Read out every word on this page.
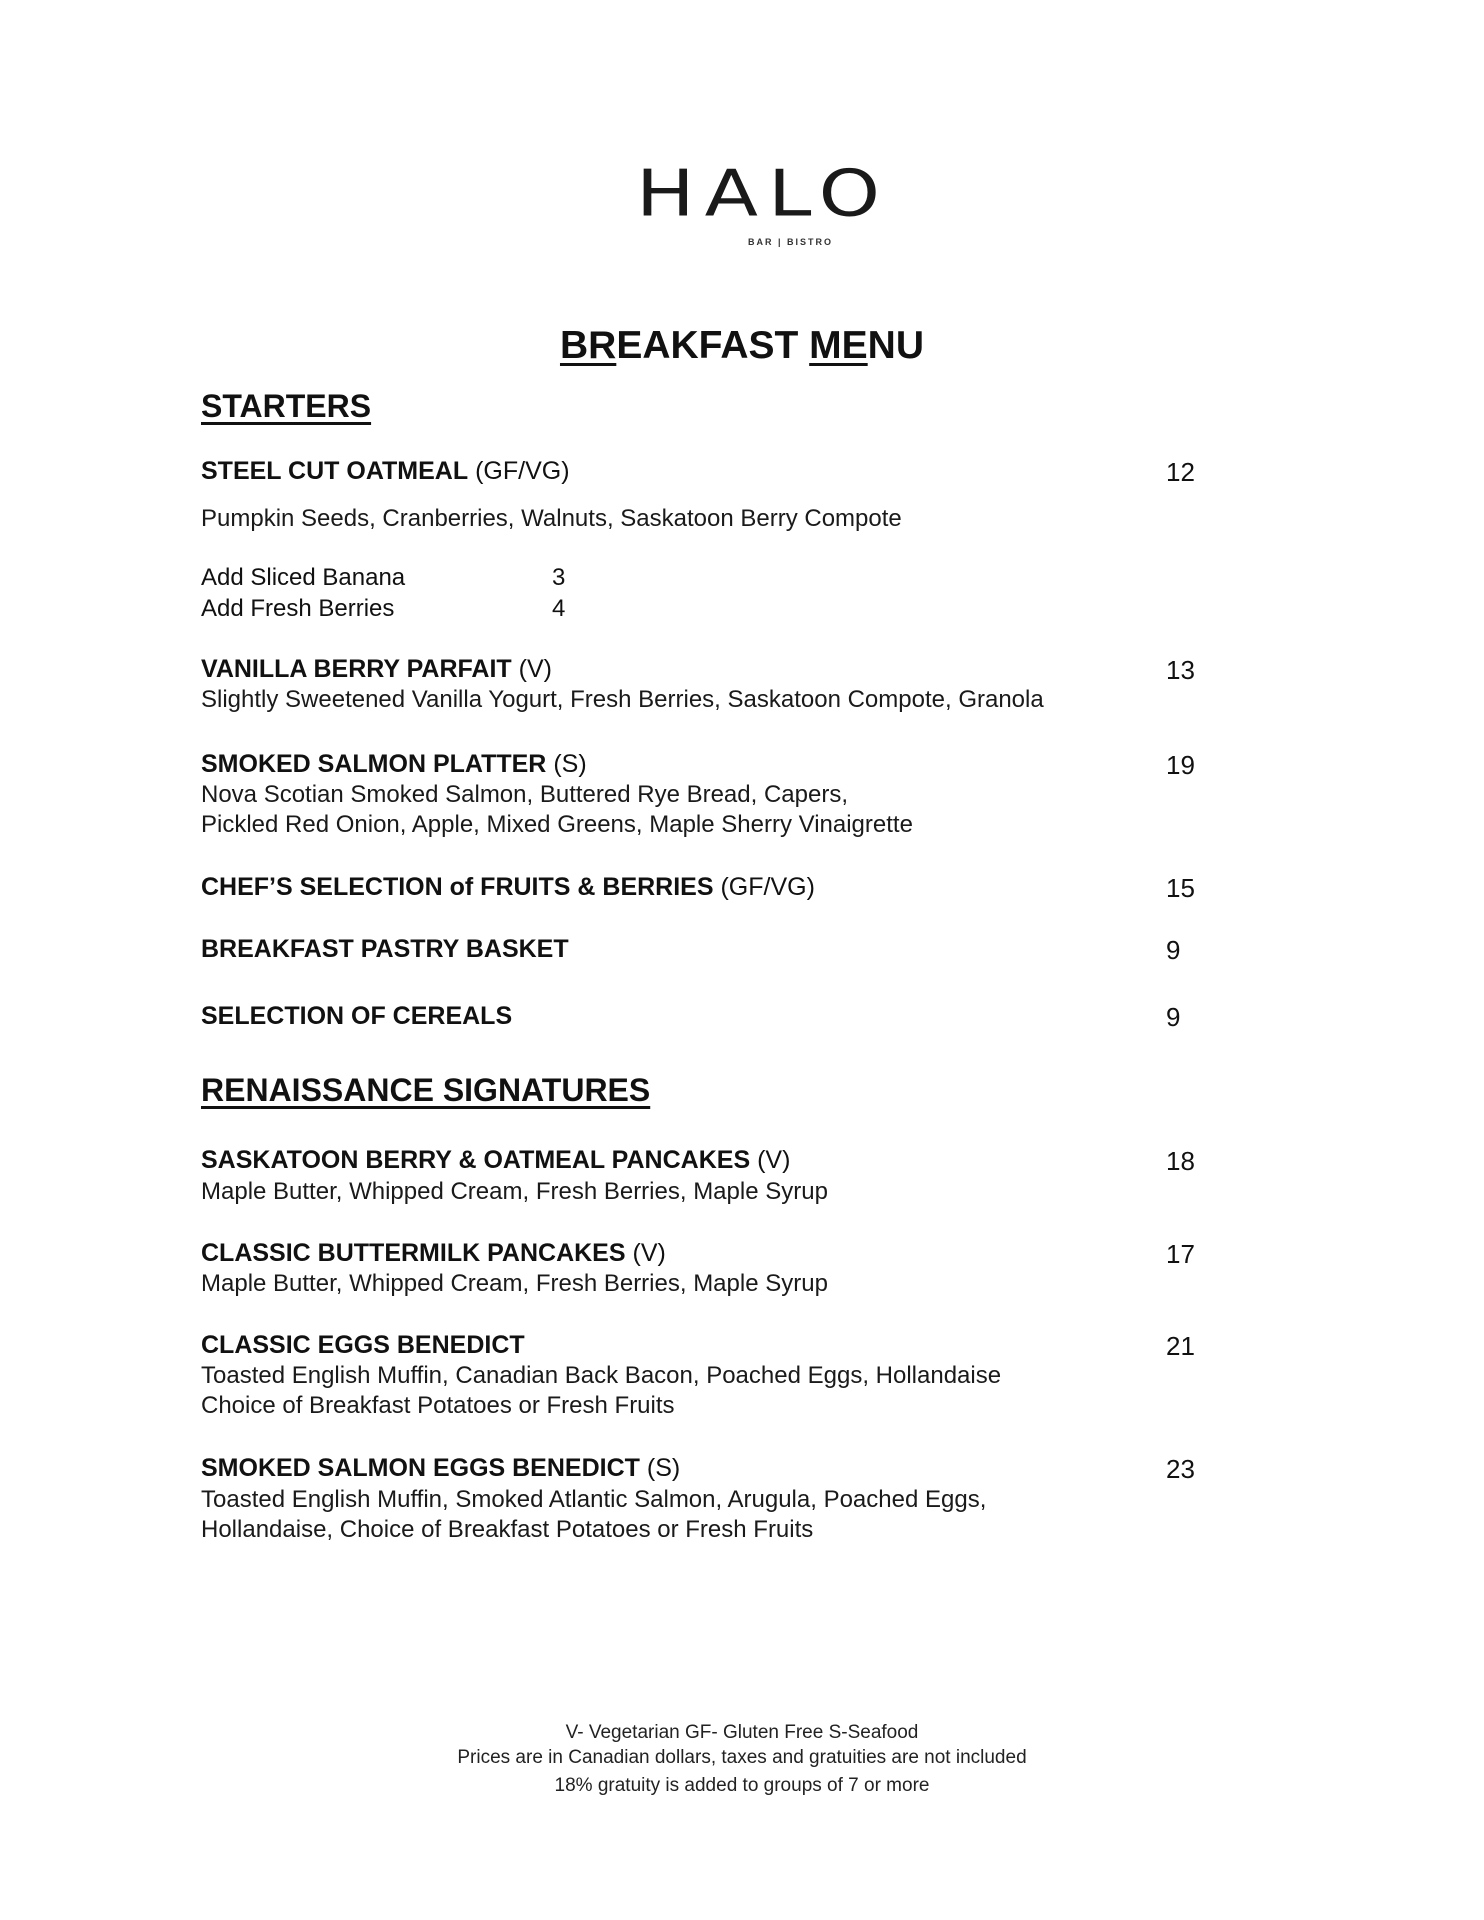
HALO
BAR | BISTRO
BREAKFAST MENU
STARTERS
STEEL CUT OATMEAL (GF/VG)	12
Pumpkin Seeds, Cranberries, Walnuts, Saskatoon Berry Compote
Add Sliced Banana	3
Add Fresh Berries	4
VANILLA BERRY PARFAIT (V)	13
Slightly Sweetened Vanilla Yogurt, Fresh Berries, Saskatoon Compote, Granola
SMOKED SALMON PLATTER (S)	19
Nova Scotian Smoked Salmon, Buttered Rye Bread, Capers,
Pickled Red Onion, Apple, Mixed Greens, Maple Sherry Vinaigrette
CHEF’S SELECTION of FRUITS & BERRIES (GF/VG)	15
BREAKFAST PASTRY BASKET	9
SELECTION OF CEREALS	9
RENAISSANCE SIGNATURES
SASKATOON BERRY & OATMEAL PANCAKES (V)	18
Maple Butter, Whipped Cream, Fresh Berries, Maple Syrup
CLASSIC BUTTERMILK PANCAKES (V)	17
Maple Butter, Whipped Cream, Fresh Berries, Maple Syrup
CLASSIC EGGS BENEDICT	21
Toasted English Muffin, Canadian Back Bacon, Poached Eggs, Hollandaise
Choice of Breakfast Potatoes or Fresh Fruits
SMOKED SALMON EGGS BENEDICT (S)	23
Toasted English Muffin, Smoked Atlantic Salmon, Arugula, Poached Eggs,
Hollandaise, Choice of Breakfast Potatoes or Fresh Fruits
V- Vegetarian GF- Gluten Free S-Seafood
Prices are in Canadian dollars, taxes and gratuities are not included
18% gratuity is added to groups of 7 or more
